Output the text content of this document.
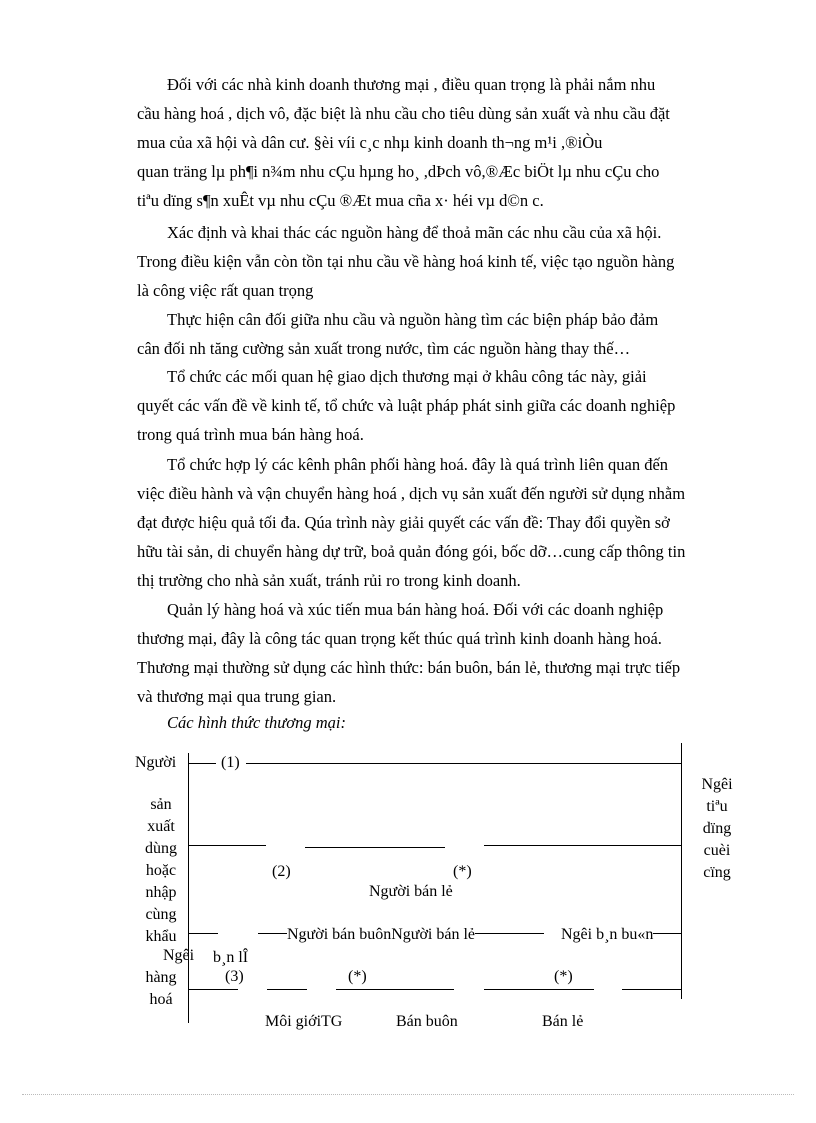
Đối với các nhà kinh doanh thương mại , điều quan trọng là phải nắm nhu
cầu hàng hoá , dịch vô, đặc biệt là nhu cầu cho tiêu dùng sản xuất và nhu cầu đặt
mua của xã hội và dân cư. §èi víi c¸c nhµ kinh doanh th¬ng m¹i ,®iÒu
quan träng lµ ph¶i n¾m nhu cÇu hµng ho¸ ,dÞch vô,®Æc biÖt lµ nhu cÇu cho
tiªu dïng s¶n xuÊt vµ nhu cÇu ®Æt mua cña x· héi vµ d©n c.
Xác định và khai thác các nguồn hàng để thoả mãn các nhu cầu của xã hội.
Trong điều kiện vẫn còn tồn tại nhu cầu về hàng hoá kinh tế, việc tạo nguồn hàng
là công việc rất quan trọng
Thực hiện cân đối giữa nhu cầu và nguồn hàng tìm các biện pháp bảo đảm
cân đối nh tăng cường sản xuất trong nước, tìm các nguồn hàng thay thế…
Tổ chức các mối quan hệ giao dịch thương mại ở khâu công tác này, giải
quyết các vấn đề về kinh tế, tổ chức và luật pháp phát sinh giữa các doanh nghiệp
trong quá trình mua bán hàng hoá.
Tổ chức hợp lý các kênh phân phối hàng hoá. đây là quá trình liên quan đến
việc điều hành và vận chuyển hàng hoá , dịch vụ sản xuất đến người sử dụng nhằm
đạt được hiệu quả tối đa. Qúa trình này giải quyết các vấn đề: Thay đổi quyền sở
hữu tài sản, di chuyển hàng dự trữ, boả quản đóng gói, bốc dỡ…cung cấp thông tin
thị trường cho nhà sản xuất, tránh rủi ro trong kinh doanh.
Quản lý hàng hoá và xúc tiến mua bán hàng hoá. Đối với các doanh nghiệp
thương mại, đây là công tác quan trọng kết thúc quá trình kinh doanh hàng hoá.
Thương mại thường sử dụng các hình thức: bán buôn, bán lẻ, thương mại trực tiếp
và thương mại qua trung gian.
Các hình thức thương mại:
(1)
(2)	(*)
Người bán lẻ
Người bán buônNgười bán lẻ	Ngêi b¸n bu«n
(3)	(*)	(*)
Người
sản
xuất
dùng
hoặc
nhập
cùng
khẩu
Ngêi b¸n lÎ
hàng
hoá
Ngêi
tiªu
dïng
cuèi
cïng
Môi giớiTG	Bán buôn	Bán lẻ
